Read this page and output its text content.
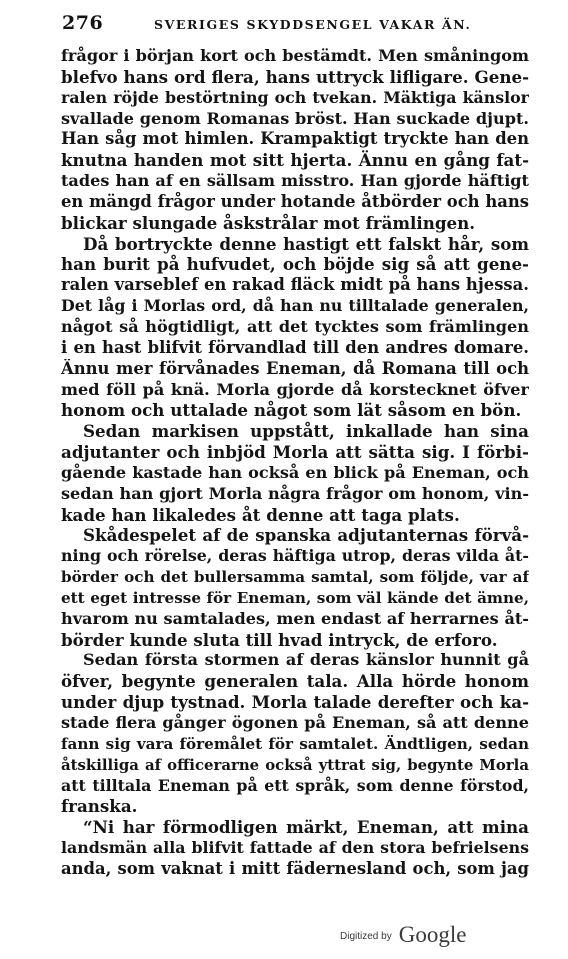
276	SVERIGES SKYDDSENGEL VAKAR ÄN.
frågor i början kort och bestämdt. Men småningom
blefvo hans ord flera, hans uttryck lifligare. Gene-
ralen röjde bestörtning och tvekan. Mäktiga känslor
svallade genom Romanas bröst. Han suckade djupt.
Han såg mot himlen. Krampaktigt tryckte han den
knutna handen mot sitt hjerta. Ännu en gång fat-
tades han af en sällsam misstro. Han gjorde häftigt
en mängd frågor under hotande åtbörder och hans
blickar slungade åskstrålar mot främlingen.
Då bortryckte denne hastigt ett falskt hår, som
han burit på hufvudet, och böjde sig så att gene-
ralen varseblef en rakad fläck midt på hans hjessa.
Det låg i Morlas ord, då han nu tilltalade generalen,
något så högtidligt, att det tycktes som främlingen
i en hast blifvit förvandlad till den andres domare.
Ännu mer förvånades Eneman, då Romana till och
med föll på knä. Morla gjorde då korstecknet öfver
honom och uttalade något som lät såsom en bön.
Sedan markisen uppstått, inkallade han sina
adjutanter och inbjöd Morla att sätta sig. I förbi-
gående kastade han också en blick på Eneman, och
sedan han gjort Morla några frågor om honom, vin-
kade han likaledes åt denne att taga plats.
Skådespelet af de spanska adjutanternas förvå-
ning och rörelse, deras häftiga utrop, deras vilda åt-
börder och det bullersamma samtal, som följde, var af
ett eget intresse för Eneman, som väl kände det ämne,
hvarom nu samtalades, men endast af herrarnes åt-
börder kunde sluta till hvad intryck, de erforo.
Sedan första stormen af deras känslor hunnit gå
öfver, begynte generalen tala. Alla hörde honom
under djup tystnad. Morla talade derefter och ka-
stade flera gånger ögonen på Eneman, så att denne
fann sig vara föremålet för samtalet. Ändtligen, sedan
åtskilliga af officerarne också yttrat sig, begynte Morla
att tilltala Eneman på ett språk, som denne förstod,
franska.
“Ni har förmodligen märkt, Eneman, att mina
landsmän alla blifvit fattade af den stora befrielsens
anda, som vaknat i mitt fädernesland och, som jag
Digitized by Google
